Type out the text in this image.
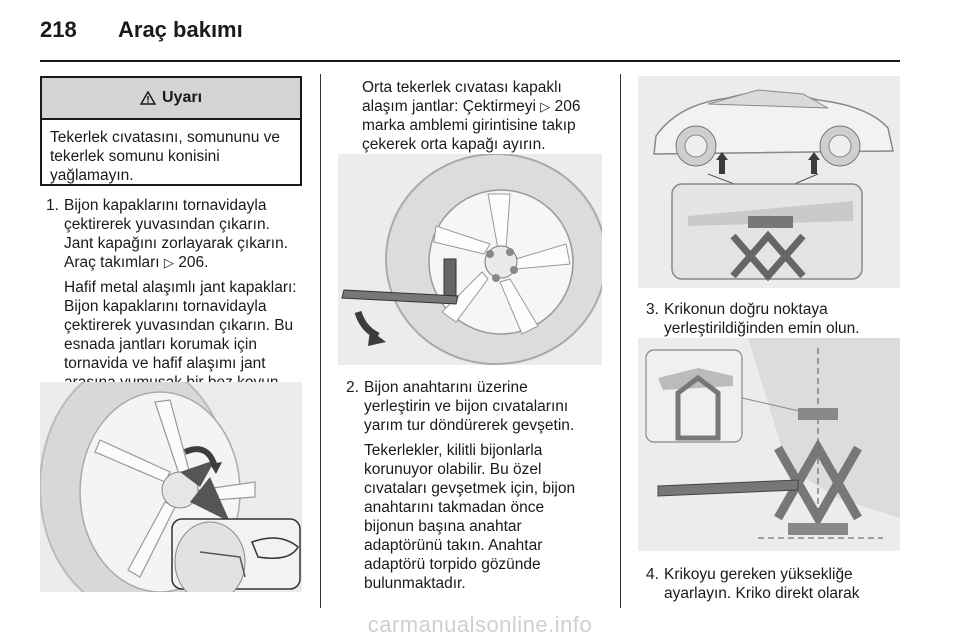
218 Araç bakımı
Uyarı
Tekerlek cıvatasını, somununu ve
tekerlek somunu konisini
yağlamayın.
1. Bijon kapaklarını tornavidayla
çektirerek yuvasından çıkarın.
Jant kapağını zorlayarak çıkarın.
Araç takımları ▷ 206.
Hafif metal alaşımlı jant kapakları:
Bijon kapaklarını tornavidayla
çektirerek yuvasından çıkarın. Bu
esnada jantları korumak için
tornavida ve hafif alaşımı jant
Orta tekerlek cıvatası kapaklı
alaşım jantlar: Çektirmeyi ▷ 206
marka amblemi girintisine takıp
çekerek orta kapağı ayırın.
2. Bijon anahtarını üzerine
yerleştirin ve bijon cıvatalarını
yarım tur döndürerek gevşetin.
Tekerlekler, kilitli bijonlarla
korunuyor olabilir. Bu özel
cıvataları gevşetmek için, bijon
anahtarını takmadan önce
bijonun başına anahtar
adaptörünü takın. Anahtar
adaptörü torpido gözünde
bulunmaktadır.
3. Krikonun doğru noktaya
yerleştirildiğinden emin olun.
4. Krikoyu gereken yüksekliğe
ayarlayın. Kriko direkt olarak
carmanualsonline.info
